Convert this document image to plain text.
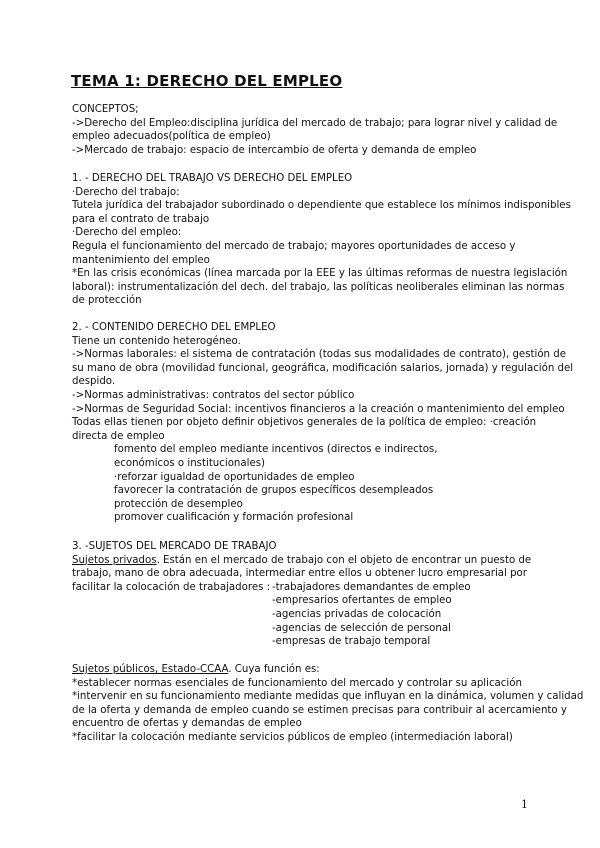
TEMA 1: DERECHO DEL EMPLEO
CONCEPTOS;
->Derecho del Empleo:disciplina jurídica del mercado de trabajo; para lograr nivel y calidad de
empleo adecuados(política de empleo)
->Mercado de trabajo: espacio de intercambio de oferta y demanda de empleo
1. - DERECHO DEL TRABAJO VS DERECHO DEL EMPLEO
·Derecho del trabajo:
Tutela jurídica del trabajador subordinado o dependiente que establece los mínimos indisponibles
para el contrato de trabajo
·Derecho del empleo:
Regula el funcionamiento del mercado de trabajo; mayores oportunidades de acceso y
mantenimiento del empleo
*En las crisis económicas (línea marcada por la EEE y las últimas reformas de nuestra legislación
laboral): instrumentalización del dech. del trabajo, las políticas neoliberales eliminan las normas
de protección
2. - CONTENIDO DERECHO DEL EMPLEO
Tiene un contenido heterogéneo.
->Normas laborales: el sistema de contratación (todas sus modalidades de contrato), gestión de
su mano de obra (movilidad funcional, geográfica, modificación salarios, jornada) y regulación del
despido.
->Normas administrativas: contratos del sector público
->Normas de Seguridad Social: incentivos financieros a la creación o mantenimiento del empleo
Todas ellas tienen por objeto definir objetivos generales de la política de empleo: ·creación
directa de empleo
fomento del empleo mediante incentivos (directos e indirectos,
económicos o institucionales)
·reforzar igualdad de oportunidades de empleo
favorecer la contratación de grupos específicos desempleados
protección de desempleo
promover cualificación y formación profesional
3. -SUJETOS DEL MERCADO DE TRABAJO
Sujetos privados. Están en el mercado de trabajo con el objeto de encontrar un puesto de
trabajo, mano de obra adecuada, intermediar entre ellos u obtener lucro empresarial por
facilitar la colocación de trabajadores : -trabajadores demandantes de empleo
-empresarios ofertantes de empleo
-agencias privadas de colocación
-agencias de selección de personal
-empresas de trabajo temporal
Sujetos públicos, Estado-CCAA. Cuya función es:
*establecer normas esenciales de funcionamiento del mercado y controlar su aplicación
*intervenir en su funcionamiento mediante medidas que influyan en la dinámica, volumen y calidad
de la oferta y demanda de empleo cuando se estimen precisas para contribuir al acercamiento y
encuentro de ofertas y demandas de empleo
*facilitar la colocación mediante servicios públicos de empleo (intermediación laboral)
1
